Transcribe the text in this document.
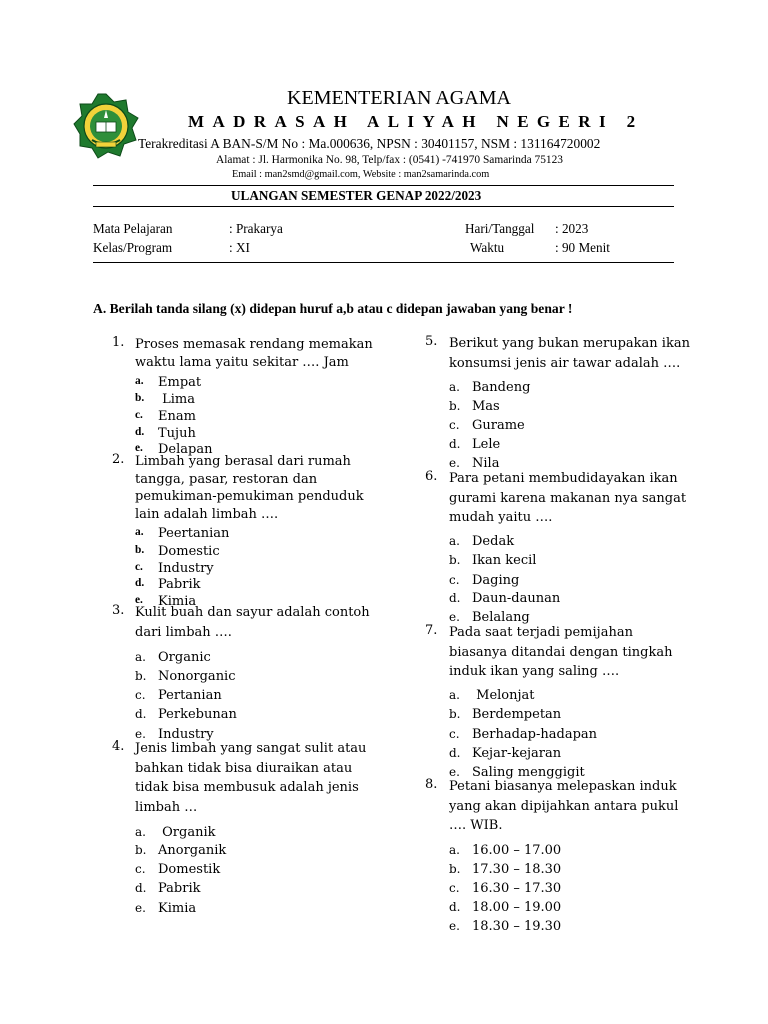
KEMENTERIAN AGAMA
MADRASAH ALIYAH NEGERI 2
Terakreditasi A BAN-S/M No : Ma.000636, NPSN : 30401157, NSM : 131164720002
Alamat : Jl. Harmonika No. 98, Telp/fax : (0541) -741970 Samarinda 75123
Email : man2smd@gmail.com, Website : man2samarinda.com
ULANGAN SEMESTER GENAP 2022/2023
Mata Pelajaran	: Prakarya	Hari/Tanggal : 2023
Kelas/Program	: XI	Waktu	: 90 Menit
A. Berilah tanda silang (x) didepan huruf a,b atau c didepan jawaban yang benar !
1. Proses memasak rendang memakan
waktu lama yaitu sekitar …. Jam
a. Empat
b. Lima
c. Enam
d. Tujuh
e. Delapan
2. Limbah yang berasal dari rumah
tangga, pasar, restoran dan
pemukiman-pemukiman penduduk
lain adalah limbah ….
a. Peertanian
b. Domestic
c. Industry
d. Pabrik
e. Kimia
3. Kulit buah dan sayur adalah contoh
dari limbah ….
a. Organic
b. Nonorganic
c. Pertanian
d. Perkebunan
e. Industry
4. Jenis limbah yang sangat sulit atau
bahkan tidak bisa diuraikan atau
tidak bisa membusuk adalah jenis
limbah …
a. Organik
b. Anorganik
c. Domestik
d. Pabrik
e. Kimia
5. Berikut yang bukan merupakan ikan
konsumsi jenis air tawar adalah ….
a. Bandeng
b. Mas
c. Gurame
d. Lele
e. Nila
6. Para petani membudidayakan ikan
gurami karena makanan nya sangat
mudah yaitu ….
a. Dedak
b. Ikan kecil
c. Daging
d. Daun-daunan
e. Belalang
7. Pada saat terjadi pemijahan
biasanya ditandai dengan tingkah
induk ikan yang saling ….
a. Melonjat
b. Berdempetan
c. Berhadap-hadapan
d. Kejar-kejaran
e. Saling menggigit
8. Petani biasanya melepaskan induk
yang akan dipijahkan antara pukul
…. WIB.
a. 16.00 – 17.00
b. 17.30 – 18.30
c. 16.30 – 17.30
d. 18.00 – 19.00
e. 18.30 – 19.30
